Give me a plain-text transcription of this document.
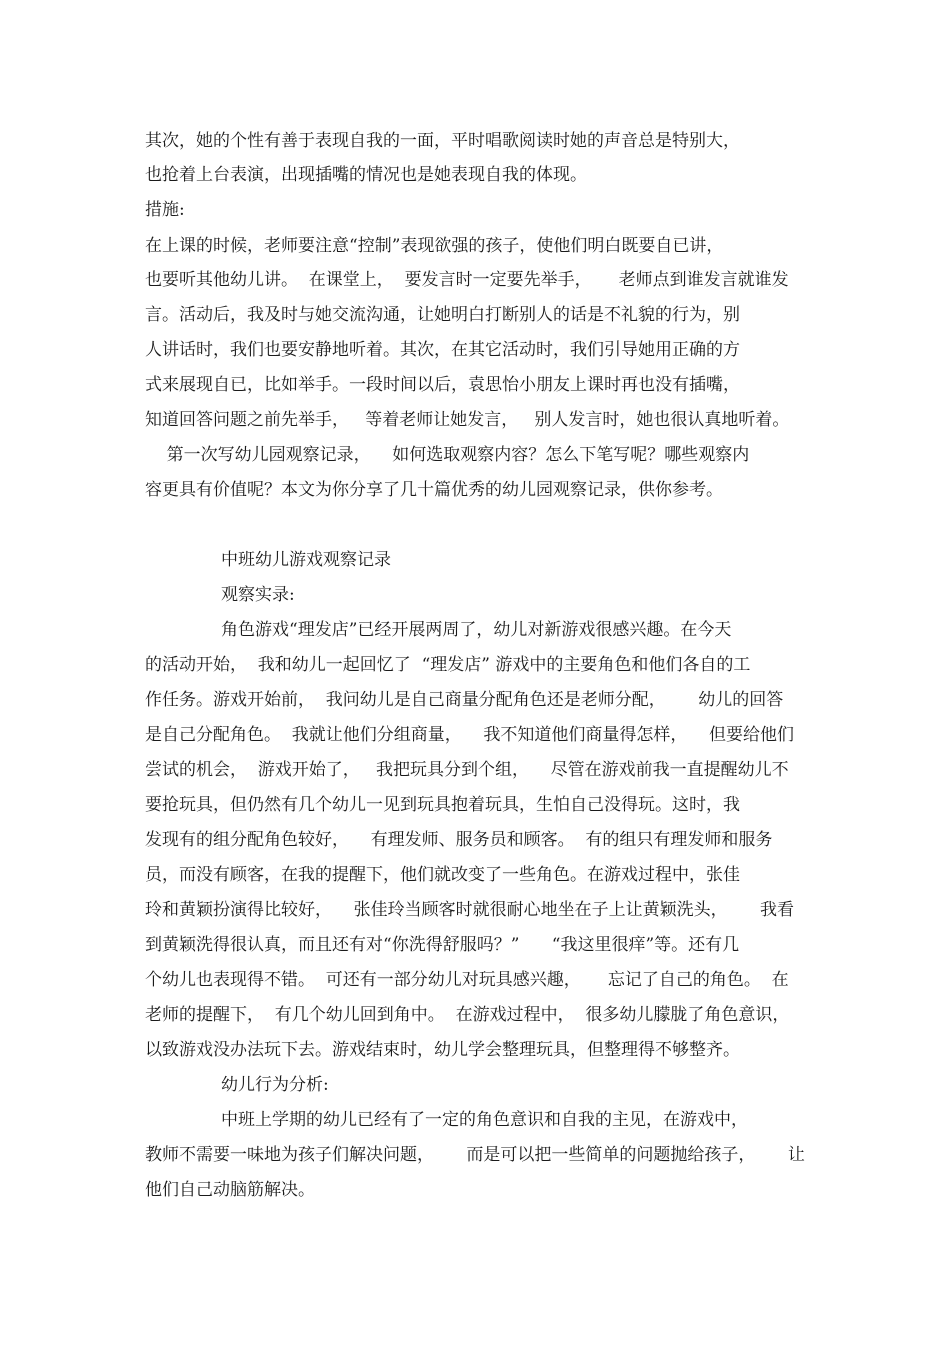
其次，她的个性有善于表现自我的一面，平时唱歌阅读时她的声音总是特别大，

也抢着上台表演，出现插嘴的情况也是她表现自我的体现。

措施:

在上课的时候，老师要注意“控制”表现欲强的孩子，使他们明白既要自已讲，

也要听其他幼儿讲。  在课堂上，  要发言时一定要先举手，     老师点到谁发言就谁发

言。活动后，我及时与她交流沟通，让她明白打断别人的话是不礼貌的行为，别

人讲话时，我们也要安静地听着。其次，在其它活动时，我们引导她用正确的方

式来展现自已，比如举手。一段时间以后，袁思怡小朋友上课时再也没有插嘴，

知道回答问题之前先举手，   等着老师让她发言，   别人发言时，她也很认真地听着。

第一次写幼儿园观察记录，    如何选取观察内容？怎么下笔写呢？哪些观察内

容更具有价值呢？本文为你分享了几十篇优秀的幼儿园观察记录，供你参考。

中班幼儿游戏观察记录

观察实录:

角色游戏“理发店”已经开展两周了，幼儿对新游戏很感兴趣。在今天

的活动开始，  我和幼儿一起回忆了  “理发店” 游戏中的主要角色和他们各自的工

作任务。游戏开始前，  我问幼儿是自己商量分配角色还是老师分配，      幼儿的回答

是自己分配角色。  我就让他们分组商量，    我不知道他们商量得怎样，    但要给他们

尝试的机会，  游戏开始了，   我把玩具分到个组，    尽管在游戏前我一直提醒幼儿不

要抢玩具，但仍然有几个幼儿一见到玩具抱着玩具，生怕自己没得玩。这时，我

发现有的组分配角色较好，    有理发师、服务员和顾客。  有的组只有理发师和服务

员，而没有顾客，在我的提醒下，他们就改变了一些角色。在游戏过程中，张佳

玲和黄颖扮演得比较好，    张佳玲当顾客时就很耐心地坐在子上让黄颖洗头，      我看

到黄颖洗得很认真，而且还有对“你洗得舒服吗？”      “我这里很痒”等。还有几

个幼儿也表现得不错。  可还有一部分幼儿对玩具感兴趣，     忘记了自己的角色。  在

老师的提醒下，  有几个幼儿回到角中。  在游戏过程中，  很多幼儿朦胧了角色意识，

以致游戏没办法玩下去。游戏结束时，幼儿学会整理玩具，但整理得不够整齐。

幼儿行为分析:

中班上学期的幼儿已经有了一定的角色意识和自我的主见，在游戏中，

教师不需要一味地为孩子们解决问题，      而是可以把一些简单的问题抛给孩子，      让

他们自己动脑筋解决。
